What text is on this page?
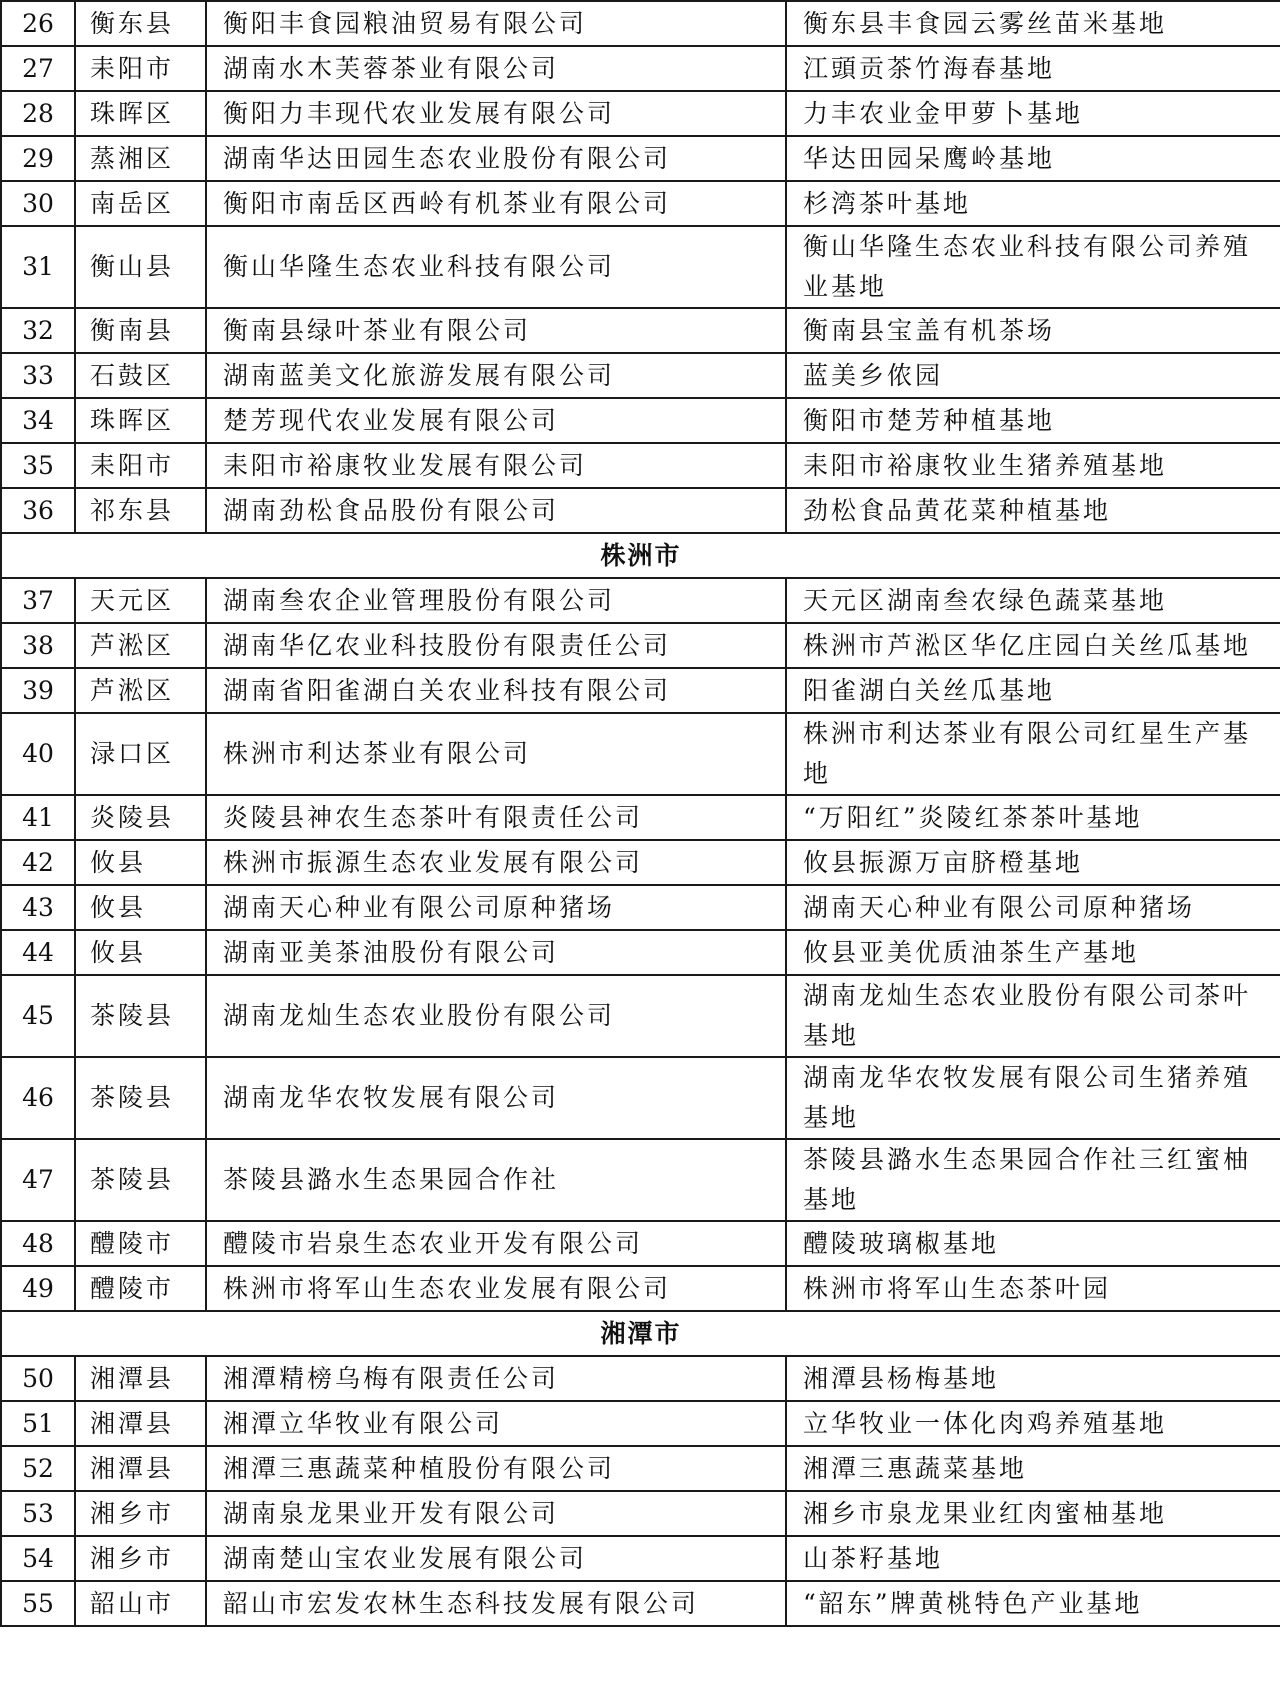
26	衡东县	衡阳丰食园粮油贸易有限公司	衡东县丰食园云雾丝苗米基地
27	耒阳市	湖南水木芙蓉茶业有限公司	江頭贡茶竹海春基地
28	珠晖区	衡阳力丰现代农业发展有限公司	力丰农业金甲萝卜基地
29	蒸湘区	湖南华达田园生态农业股份有限公司	华达田园呆鹰岭基地
30	南岳区	衡阳市南岳区西岭有机茶业有限公司	杉湾茶叶基地
31	衡山县	衡山华隆生态农业科技有限公司	衡山华隆生态农业科技有限公司养殖业基地
32	衡南县	衡南县绿叶茶业有限公司	衡南县宝盖有机茶场
33	石鼓区	湖南蓝美文化旅游发展有限公司	蓝美乡侬园
34	珠晖区	楚芳现代农业发展有限公司	衡阳市楚芳种植基地
35	耒阳市	耒阳市裕康牧业发展有限公司	耒阳市裕康牧业生猪养殖基地
36	祁东县	湖南劲松食品股份有限公司	劲松食品黄花菜种植基地
株洲市			
37	天元区	湖南叁农企业管理股份有限公司	天元区湖南叁农绿色蔬菜基地
38	芦淞区	湖南华亿农业科技股份有限责任公司	株洲市芦淞区华亿庄园白关丝瓜基地
39	芦淞区	湖南省阳雀湖白关农业科技有限公司	阳雀湖白关丝瓜基地
40	渌口区	株洲市利达茶业有限公司	株洲市利达茶业有限公司红星生产基地
41	炎陵县	炎陵县神农生态茶叶有限责任公司	“万阳红”炎陵红茶茶叶基地
42	攸县	株洲市振源生态农业发展有限公司	攸县振源万亩脐橙基地
43	攸县	湖南天心种业有限公司原种猪场	湖南天心种业有限公司原种猪场
44	攸县	湖南亚美茶油股份有限公司	攸县亚美优质油茶生产基地
45	茶陵县	湖南龙灿生态农业股份有限公司	湖南龙灿生态农业股份有限公司茶叶基地
46	茶陵县	湖南龙华农牧发展有限公司	湖南龙华农牧发展有限公司生猪养殖基地
47	茶陵县	茶陵县潞水生态果园合作社	茶陵县潞水生态果园合作社三红蜜柚基地
48	醴陵市	醴陵市岩泉生态农业开发有限公司	醴陵玻璃椒基地
49	醴陵市	株洲市将军山生态农业发展有限公司	株洲市将军山生态茶叶园
湘潭市			
50	湘潭县	湘潭精榜乌梅有限责任公司	湘潭县杨梅基地
51	湘潭县	湘潭立华牧业有限公司	立华牧业一体化肉鸡养殖基地
52	湘潭县	湘潭三惠蔬菜种植股份有限公司	湘潭三惠蔬菜基地
53	湘乡市	湖南泉龙果业开发有限公司	湘乡市泉龙果业红肉蜜柚基地
54	湘乡市	湖南楚山宝农业发展有限公司	山茶籽基地
55	韶山市	韶山市宏发农林生态科技发展有限公司	“韶东”牌黄桃特色产业基地
